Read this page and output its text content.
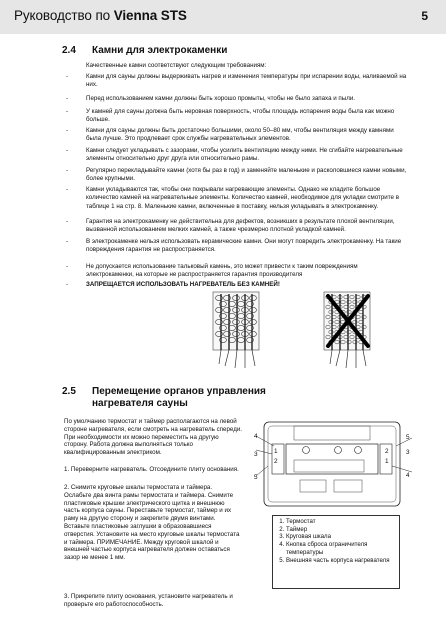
Руководство по Vienna STS	5
2.4 Камни для электрокаменки
Качественные камни соответствуют следующим требованиям:
-	Камни для сауны должны выдерживать нагрев и изменения температуры при испарении воды, наливаемой на них.
-	Перед использованием камни должны быть хорошо промыты, чтобы не было запаха и пыли.
-	У камней для сауны должна быть неровная поверхность, чтобы площадь испарения воды была как можно больше.
-	Камни для сауны должны быть достаточно большими, около 50–80 мм, чтобы вентиляция между камнями была лучше. Это продлевает срок службы нагревательных элементов.
-	Камни следует укладывать с зазорами, чтобы усилить вентиляцию между ними. Не сгибайте нагревательные элементы относительно друг друга или относительно рамы.
-	Регулярно перекладывайте камни (хотя бы раз в год) и заменяйте маленькие и расколовшиеся камни новыми, более крупными.
-	Камни укладываются так, чтобы они покрывали нагревающие элементы. Однако не кладите большое количество камней на нагревательные элементы. Количество камней, необходимое для укладки смотрите в таблице 1 на стр. 8. Маленькие камни, включенные в поставку, нельзя укладывать в электрокаменку.
-	Гарантия на электрокаменку не действительна для дефектов, возникших в результате плохой вентиляции, вызванной использованием мелких камней, а также чрезмерно плотной укладкой камней.
-	В электрокаменке нельзя использовать керамические камни. Они могут повредить электрокаменку. На такие повреждения гарантия не распространяется.
-	Не допускается использование тальковый камень, это может привести к таким повреждениям электрокаменки, на которые не распространяется гарантия производителя
-	ЗАПРЕЩАЕТСЯ ИСПОЛЬЗОВАТЬ НАГРЕВАТЕЛЬ БЕЗ КАМНЕЙ!
2.5 Перемещение органов управления
нагревателя сауны
По умолчанию термостат и таймер располагаются на левой стороне нагревателя, если смотреть на нагреватель спереди. При необходимости их можно переместить на другую сторону. Работа должна выполняться только квалифицированным электриком.
1. Переверните нагреватель. Отсоедините плиту основания.
2. Снимите круговые шкалы термостата и таймера. Ослабьте два винта рамы термостата и таймера. Снимите пластиковые крышки электрического щитка и внешнюю часть корпуса сауны. Переставьте термостат, таймер и их раму на другую сторону и закрепите двумя винтами. Вставьте пластиковые заглушки в образовавшиеся отверстия. Установите на место круговые шкалы термостата и таймера. ПРИМЕЧАНИЕ. Между круговой шкалой и внешней частью корпуса нагревателя должен оставаться зазор не менее 1 мм.
3. Прикрепите плиту основания, установите нагреватель и проверьте его работоспособность.
4
3
5
1
2
3
5
4
2
1
1. Термостат
2. Таймер
3. Круговая шкала
4. Кнопка сброса ограничителя температуры
5. Внешняя часть корпуса нагревателя
